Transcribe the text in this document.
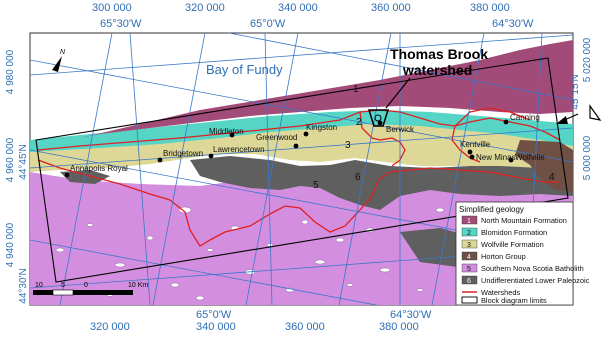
Bay of Fundy
Thomas Brook
watershed
1
2
3
4
5
6
Annapolis Royal
Bridgetown Lawrencetown
Middleton
Greenwood
Kingston	Berwick
Kentville
New Minas Wolfville
Canning
N
10	5	0	10 Km
300 000	320 000	340 000	360 000	380 000
65°30'W	65°0'W	64°30'W
320 000	340 000	360 000	380 000
65°0'W	64°30'W
4 980 000
4 960 000
4 940 000
44°45'N
44°30'N
5 020 000
5 000 000
45°15'N
Simplified geology
1 North Mountain Formation
2 Blomidon Formation
3 Wolfville Formation
4 Horton Group
5 Southern Nova Scotia Batholith
6 Undifferentiated Lower Paleozoic
Watersheds
Block diagram limits
